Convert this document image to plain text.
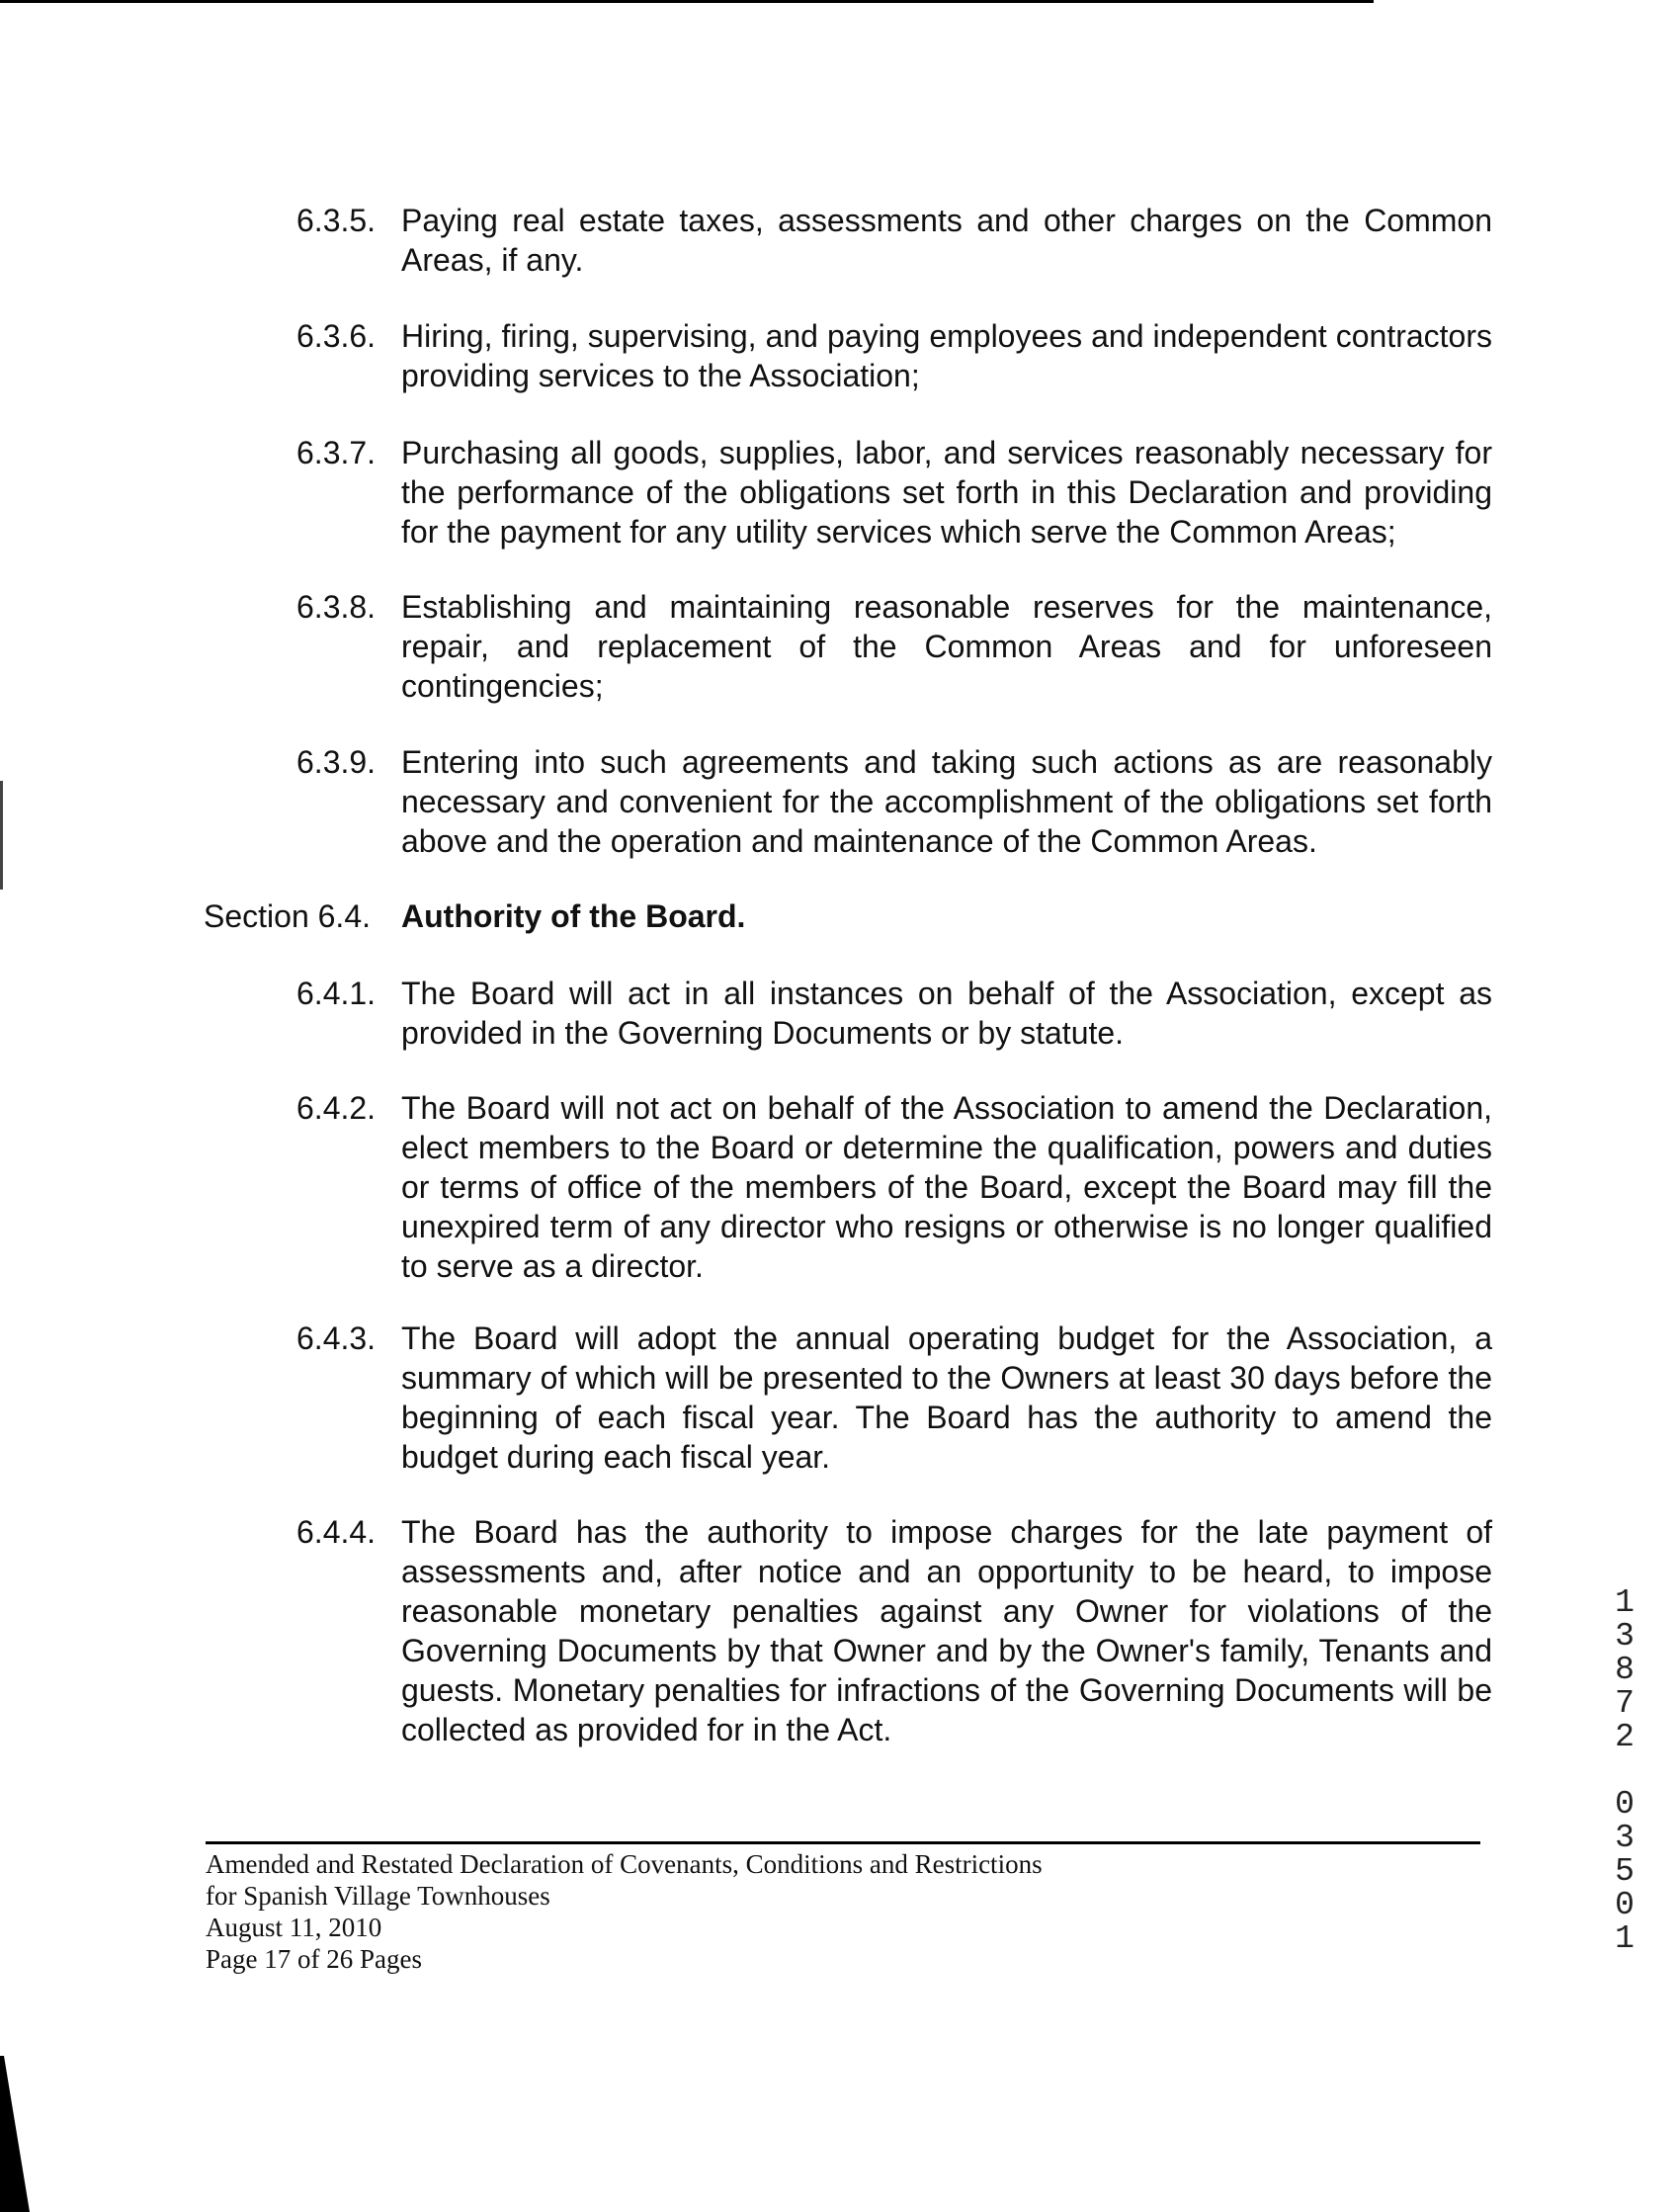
6.3.5. Paying real estate taxes, assessments and other charges on the Common Areas, if any.
6.3.6. Hiring, firing, supervising, and paying employees and independent contractors providing services to the Association;
6.3.7. Purchasing all goods, supplies, labor, and services reasonably necessary for the performance of the obligations set forth in this Declaration and providing for the payment for any utility services which serve the Common Areas;
6.3.8. Establishing and maintaining reasonable reserves for the maintenance, repair, and replacement of the Common Areas and for unforeseen contingencies;
6.3.9. Entering into such agreements and taking such actions as are reasonably necessary and convenient for the accomplishment of the obligations set forth above and the operation and maintenance of the Common Areas.
Section 6.4. Authority of the Board.
6.4.1. The Board will act in all instances on behalf of the Association, except as provided in the Governing Documents or by statute.
6.4.2. The Board will not act on behalf of the Association to amend the Declaration, elect members to the Board or determine the qualification, powers and duties or terms of office of the members of the Board, except the Board may fill the unexpired term of any director who resigns or otherwise is no longer qualified to serve as a director.
6.4.3. The Board will adopt the annual operating budget for the Association, a summary of which will be presented to the Owners at least 30 days before the beginning of each fiscal year. The Board has the authority to amend the budget during each fiscal year.
6.4.4. The Board has the authority to impose charges for the late payment of assessments and, after notice and an opportunity to be heard, to impose reasonable monetary penalties against any Owner for violations of the Governing Documents by that Owner and by the Owner's family, Tenants and guests. Monetary penalties for infractions of the Governing Documents will be collected as provided for in the Act.
Amended and Restated Declaration of Covenants, Conditions and Restrictions
for Spanish Village Townhouses
August 11, 2010
Page 17 of 26 Pages
1
3
8
7
2
0
3
5
0
1
